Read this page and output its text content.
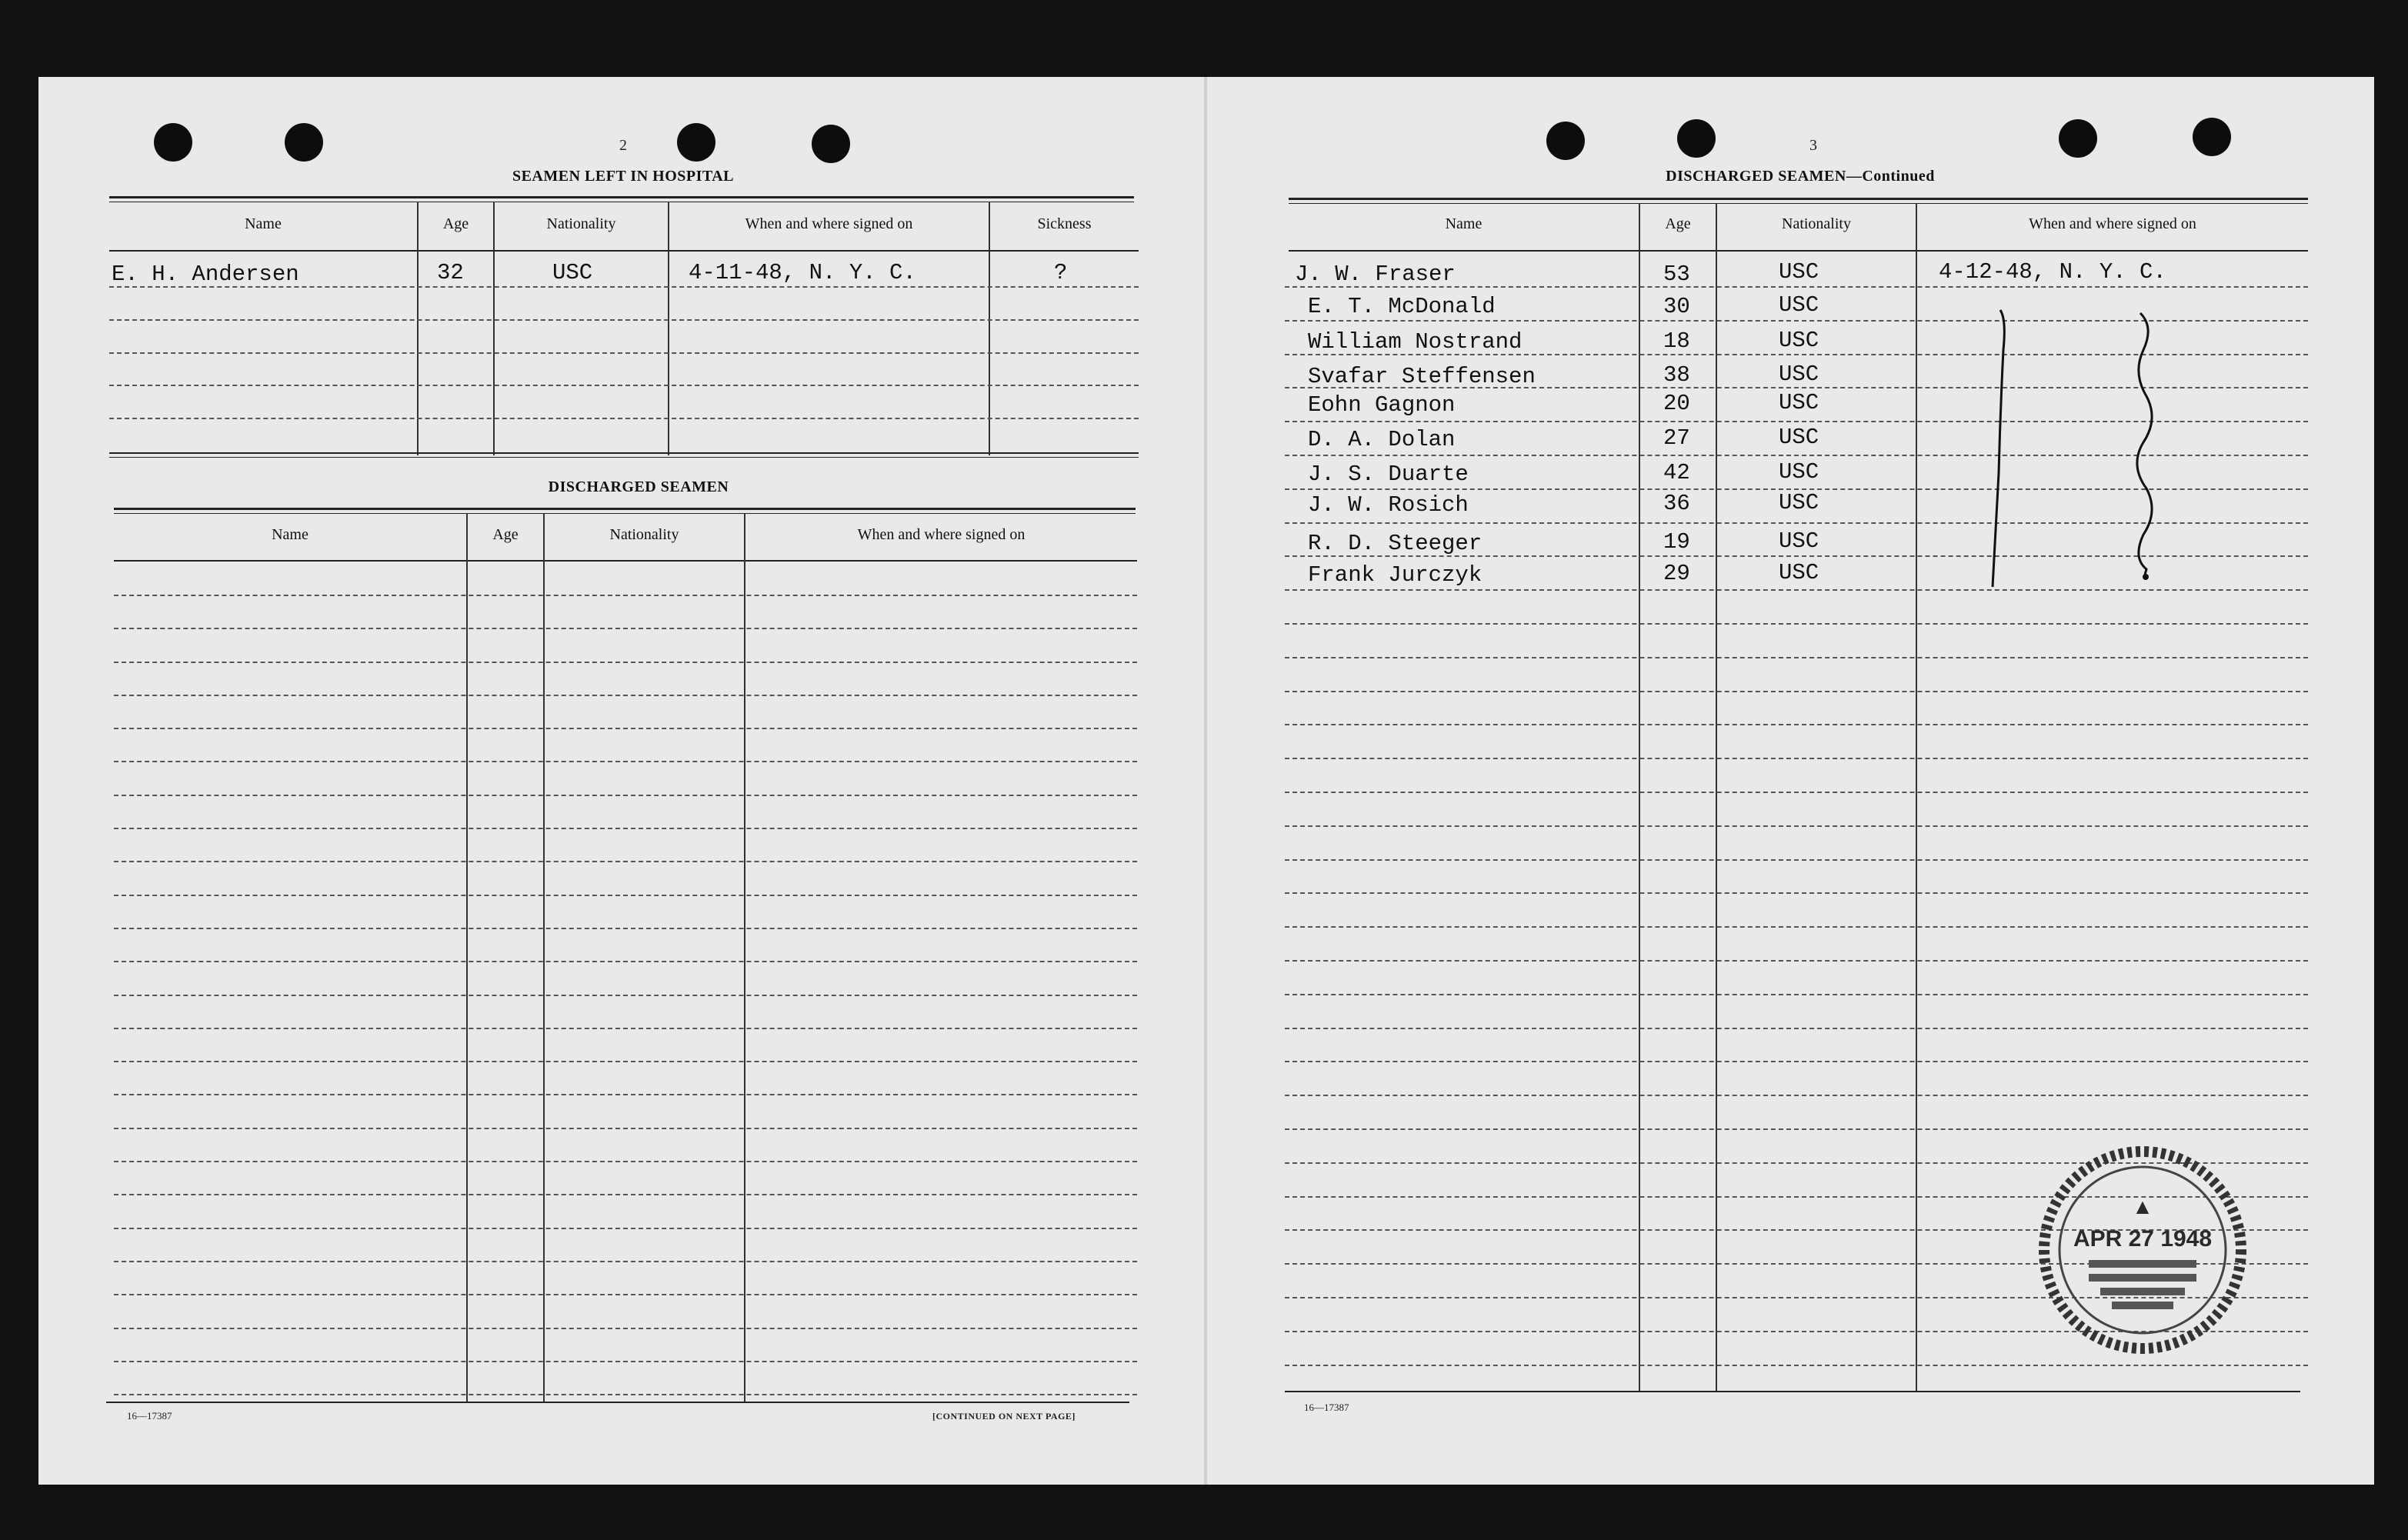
2
SEAMEN LEFT IN HOSPITAL
Name	Age	Nationality	When and where signed on	Sickness
E. H. Andersen	32	USC	4-11-48, N. Y. C.	?
DISCHARGED SEAMEN
Name	Age	Nationality	When and where signed on
16—17387	[CONTINUED ON NEXT PAGE]
3
DISCHARGED SEAMEN—Continued
Name	Age	Nationality	When and where signed on
J. W. Fraser	53	USC	4-12-48, N. Y. C.
E. T. McDonald	30	USC
William Nostrand	18	USC
Svafar Steffensen	38	USC
Eohn Gagnon	20	USC
D. A. Dolan	27	USC
J. S. Duarte	42	USC
J. W. Rosich	36	USC
R. D. Steeger	19	USC
Frank Jurczyk	29	USC
16—17387
▲
APR 27 1948
